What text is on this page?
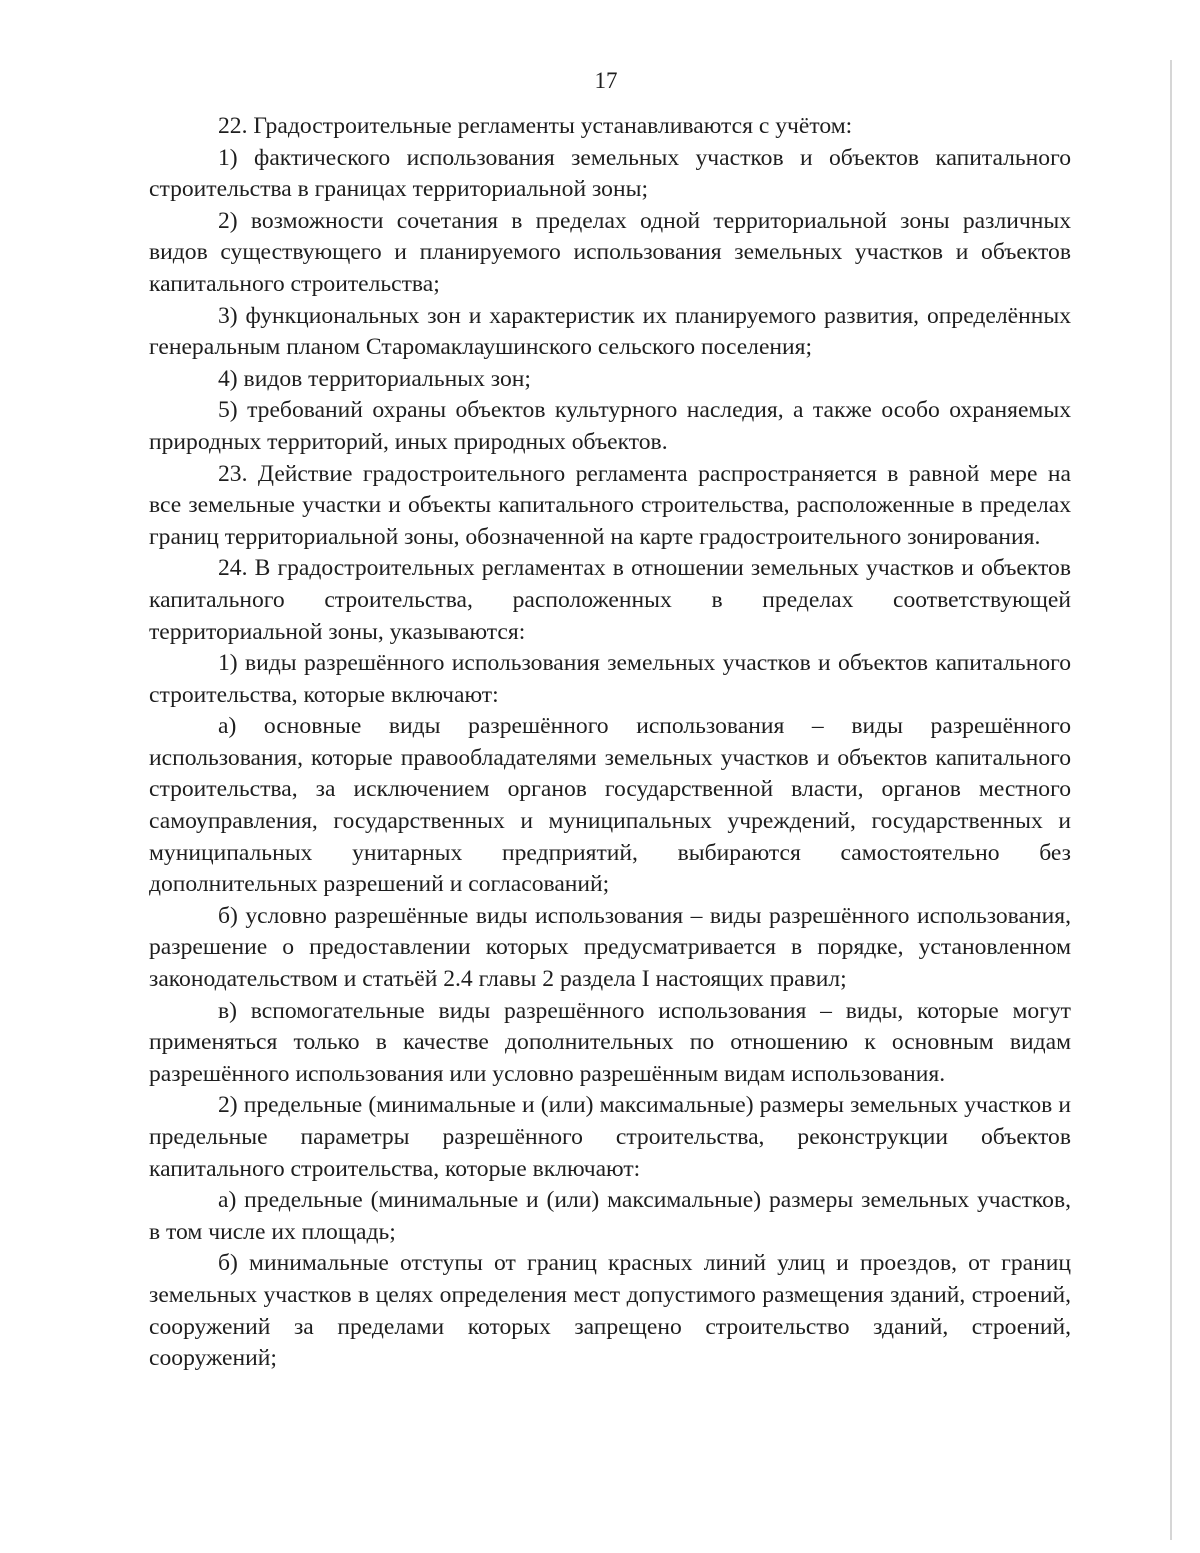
17

22. Градостроительные регламенты устанавливаются с учётом:

1) фактического использования земельных участков и объектов капитального строительства в границах территориальной зоны;

2) возможности сочетания в пределах одной территориальной зоны различных видов существующего и планируемого использования земельных участков и объектов капитального строительства;

3) функциональных зон и характеристик их планируемого развития, определённых генеральным планом Старомаклаушинского сельского поселения;

4) видов территориальных зон;

5) требований охраны объектов культурного наследия, а также особо охраняемых природных территорий, иных природных объектов.

23. Действие градостроительного регламента распространяется в равной мере на все земельные участки и объекты капитального строительства, расположенные в пределах границ территориальной зоны, обозначенной на карте градостроительного зонирования.

24. В градостроительных регламентах в отношении земельных участков и объектов капитального строительства, расположенных в пределах соответствующей территориальной зоны, указываются:

1) виды разрешённого использования земельных участков и объектов капитального строительства, которые включают:

а) основные виды разрешённого использования – виды разрешённого использования, которые правообладателями земельных участков и объектов капитального строительства, за исключением органов государственной власти, органов местного самоуправления, государственных и муниципальных учреждений, государственных и муниципальных унитарных предприятий, выбираются самостоятельно без дополнительных разрешений и согласований;

б) условно разрешённые виды использования – виды разрешённого использования, разрешение о предоставлении которых предусматривается в порядке, установленном законодательством и статьёй 2.4 главы 2 раздела I настоящих правил;

в) вспомогательные виды разрешённого использования – виды, которые могут применяться только в качестве дополнительных по отношению к основным видам разрешённого использования или условно разрешённым видам использования.

2) предельные (минимальные и (или) максимальные) размеры земельных участков и предельные параметры разрешённого строительства, реконструкции объектов капитального строительства, которые включают:

а) предельные (минимальные и (или) максимальные) размеры земельных участков, в том числе их площадь;

б) минимальные отступы от границ красных линий улиц и проездов, от границ земельных участков в целях определения мест допустимого размещения зданий, строений, сооружений за пределами которых запрещено строительство зданий, строений, сооружений;
